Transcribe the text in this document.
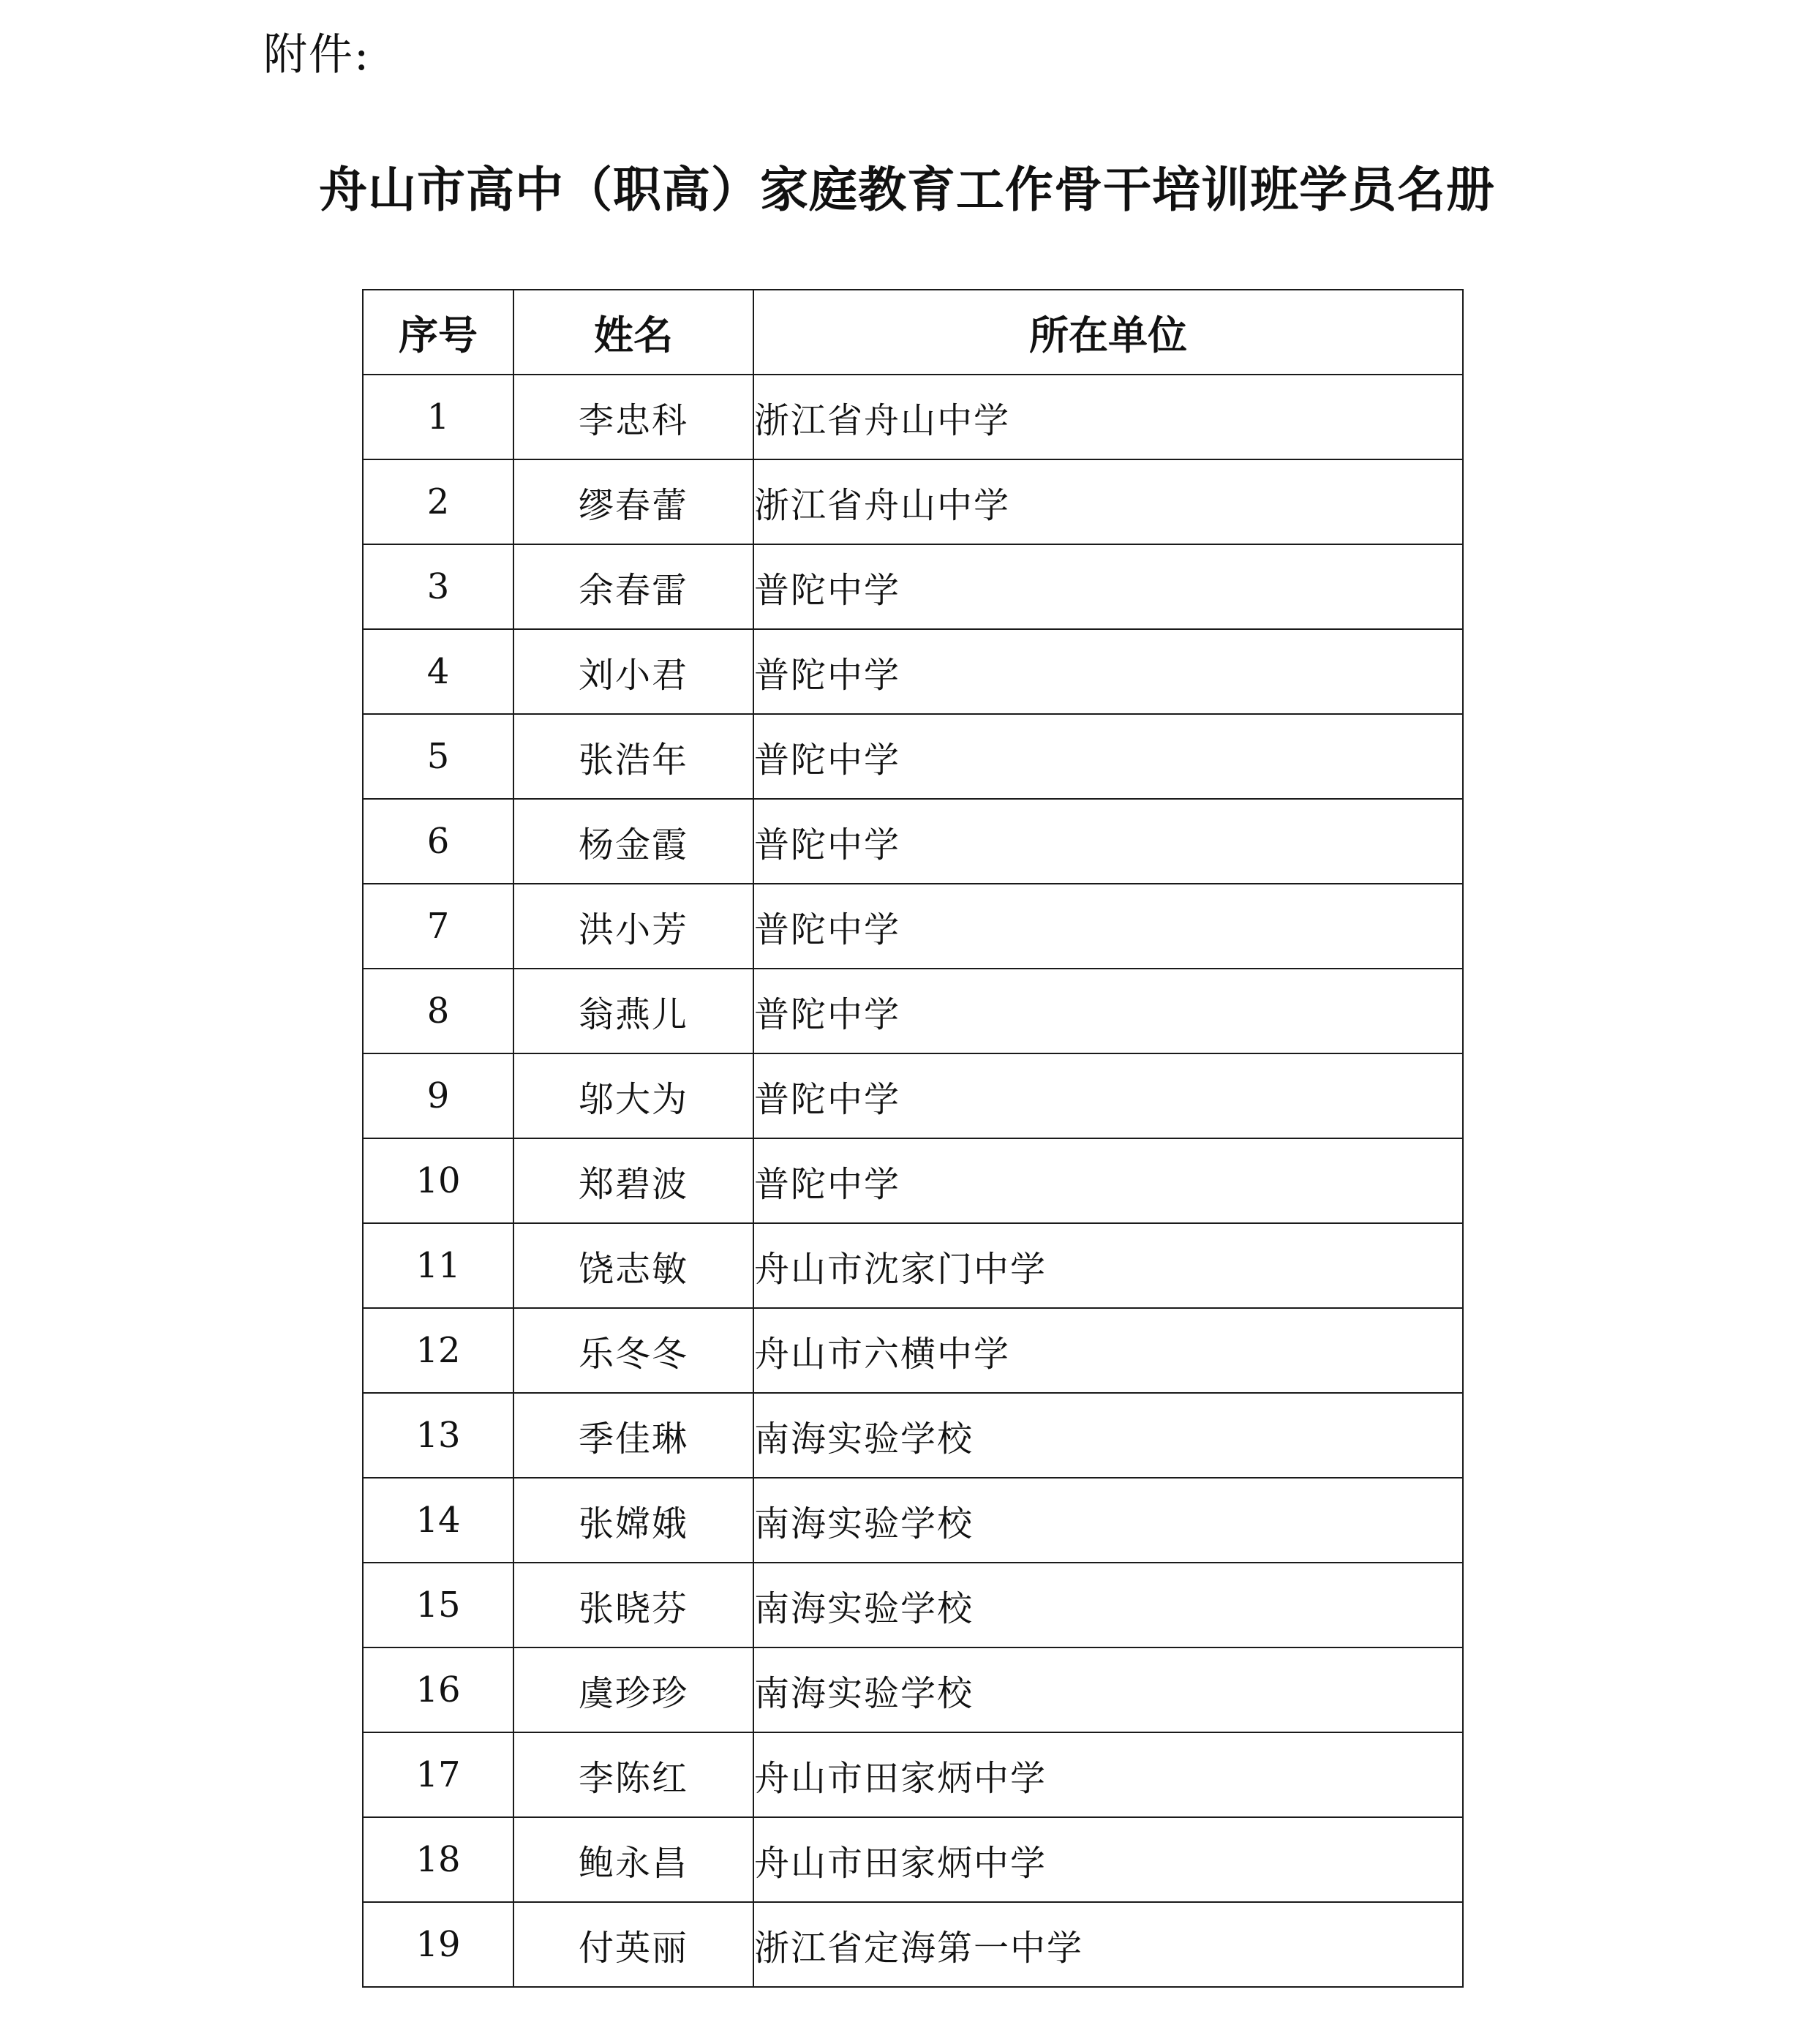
附件:
舟山市高中（职高）家庭教育工作骨干培训班学员名册
序号	姓名	所在单位
1	李忠科	浙江省舟山中学
2	缪春蕾	浙江省舟山中学
3	余春雷	普陀中学
4	刘小君	普陀中学
5	张浩年	普陀中学
6	杨金霞	普陀中学
7	洪小芳	普陀中学
8	翁燕儿	普陀中学
9	邬大为	普陀中学
10	郑碧波	普陀中学
11	饶志敏	舟山市沈家门中学
12	乐冬冬	舟山市六横中学
13	季佳琳	南海实验学校
14	张嫦娥	南海实验学校
15	张晓芬	南海实验学校
16	虞珍珍	南海实验学校
17	李陈红	舟山市田家炳中学
18	鲍永昌	舟山市田家炳中学
19	付英丽	浙江省定海第一中学
